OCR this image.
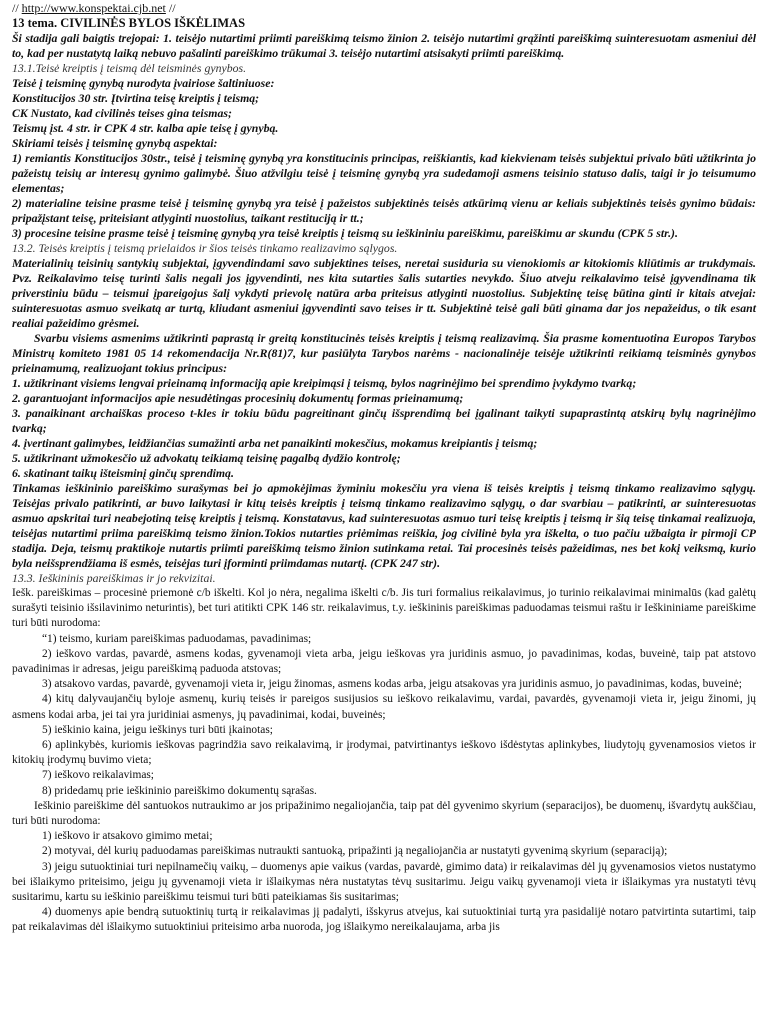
// http://www.konspektai.cjb.net //

13 tema. CIVILINĖS BYLOS IŠKĖLIMAS

Ši stadija gali baigtis trejopai: 1. teisėjo nutartimi priimti pareiškimą teismo žinion 2. teisėjo nutartimi grąžinti pareiškimą suinteresuotam asmeniui dėl to, kad per nustatytą laiką nebuvo pašalinti pareiškimo trūkumai 3. teisėjo nutartimi atsisakyti priimti pareiškimą.

13.1.Teisė kreiptis į teismą dėl teisminės gynybos.

Teisė į teisminę gynybą nurodyta įvairiose šaltiniuose:

Konstitucijos 30 str. Įtvirtina teisę kreiptis į teismą;

CK Nustato, kad civilinės teises gina teismas;

Teismų įst. 4 str. ir CPK 4 str. kalba apie teisę į gynybą.

Skiriami teisės į teisminę gynybą aspektai:

1) remiantis Konstitucijos 30str., teisė į teisminę gynybą yra konstitucinis principas, reiškiantis, kad kiekvienam teisės subjektui privalo būti užtikrinta jo pažeistų teisių ar interesų gynimo galimybė. Šiuo atžvilgiu teisė į teisminę gynybą yra sudedamoji asmens teisinio statuso dalis, taigi ir jo teisumumo elementas;

2) materialine teisine prasme teisė į teisminę gynybą yra teisė į pažeistos subjektinės teisės atkūrimą vienu ar keliais subjektinės teisės gynimo būdais: pripažįstant teisę, priteisiant atlyginti nuostolius, taikant restituciją ir tt.;

3) procesine teisine prasme teisė į teisminę gynybą yra teisė kreiptis į teismą su ieškininiu pareiškimu, pareiškimu ar skundu (CPK 5 str.).

13.2. Teisės kreiptis į teismą prielaidos ir šios teisės tinkamo realizavimo sąlygos.

Materialinių teisinių santykių subjektai, įgyvendindami savo subjektines teises, neretai susiduria su vienokiomis ar kitokiomis kliūtimis ar trukdymais. Pvz. Reikalavimo teisę turinti šalis negali jos įgyvendinti, nes kita sutarties šalis sutarties nevykdo. Šiuo atveju reikalavimo teisė įgyvendinama tik priverstiniu būdu – teismui įpareigojus šalį vykdyti prievolę natūra arba priteisus atlyginti nuostolius. Subjektinę teisę būtina ginti ir kitais atvejai: suinteresuotas asmuo sveikatą ar turtą, kliudant asmeniui įgyvendinti savo teises ir tt. Subjektinė teisė gali būti ginama dar jos nepažeidus, o tik esant realiai pažeidimo grėsmei.

Svarbu visiems asmenims užtikrinti paprastą ir greitą konstitucinės teisės kreiptis į teismą realizavimą. Šia prasme komentuotina Europos Tarybos Ministrų komiteto 1981 05 14 rekomendacija Nr.R(81)7, kur pasiūlyta Tarybos narėms - nacionalinėje teisėje užtikrinti reikiamą teisminės gynybos prieinamumą, realizuojant tokius principus:

1. užtikrinant visiems lengvai prieinamą informaciją apie kreipimąsi į teismą, bylos nagrinėjimo bei sprendimo įvykdymo tvarką;

2. garantuojant informacijos apie nesudėtingas procesinių dokumentų formas prieinamumą;

3. panaikinant archaiškas proceso t-kles ir tokiu būdu pagreitinant ginčų išsprendimą bei įgalinant taikyti supaprastintą atskirų bylų nagrinėjimo tvarką;

4. įvertinant galimybes, leidžiančias sumažinti arba net panaikinti mokesčius, mokamus kreipiantis į teismą;

5. užtikrinant užmokesčio už advokatų teikiamą teisinę pagalbą dydžio kontrolę;

6. skatinant taikų išteisminį ginčų sprendimą.

Tinkamas ieškininio pareiškimo surašymas bei jo apmokėjimas žyminiu mokesčiu yra viena iš teisės kreiptis į teismą tinkamo realizavimo sąlygų. Teisėjas privalo patikrinti, ar buvo laikytasi ir kitų teisės kreiptis į teismą tinkamo realizavimo sąlygų, o dar svarbiau – patikrinti, ar suinteresuotas asmuo apskritai turi neabejotiną teisę kreiptis į teismą. Konstatavus, kad suinteresuotas asmuo turi teisę kreiptis į teismą ir šią teisę tinkamai realizuoja, teisėjas nutartimi priima pareiškimą teismo žinion.Tokios nutarties priėmimas reiškia, jog civilinė byla yra iškelta, o tuo pačiu užbaigta ir pirmoji CP stadija. Deja, teismų praktikoje nutartis priimti pareiškimą teismo žinion sutinkama retai. Tai procesinės teisės pažeidimas, nes bet kokį veiksmą, kurio byla neišsprendžiama iš esmės, teisėjas turi įforminti priimdamas nutartį. (CPK 247 str).

13.3. Ieškininis pareiškimas ir jo rekvizitai.

Iešk. pareiškimas – procesinė priemonė c/b iškelti. Kol jo nėra, negalima iškelti c/b. Jis turi formalius reikalavimus, jo turinio reikalavimai minimalūs (kad galėtų surašyti teisinio išsilavinimo neturintis), bet turi atitikti CPK 146 str. reikalavimus, t.y. ieškininis pareiškimas paduodamas teismui raštu ir Ieškininiame pareiškime turi būti nurodoma:

“1) teismo, kuriam pareiškimas paduodamas, pavadinimas;

2) ieškovo vardas, pavardė, asmens kodas, gyvenamoji vieta arba, jeigu ieškovas yra juridinis asmuo, jo pavadinimas, kodas, buveinė, taip pat atstovo pavadinimas ir adresas, jeigu pareiškimą paduoda atstovas;

3) atsakovo vardas, pavardė, gyvenamoji vieta ir, jeigu žinomas, asmens kodas arba, jeigu atsakovas yra juridinis asmuo, jo pavadinimas, kodas, buveinė;

4) kitų dalyvaujančių byloje asmenų, kurių teisės ir pareigos susijusios su ieškovo reikalavimu, vardai, pavardės, gyvenamoji vieta ir, jeigu žinomi, jų asmens kodai arba, jei tai yra juridiniai asmenys, jų pavadinimai, kodai, buveinės;

5) ieškinio kaina, jeigu ieškinys turi būti įkainotas;

6) aplinkybės, kuriomis ieškovas pagrindžia savo reikalavimą, ir įrodymai, patvirtinantys ieškovo išdėstytas aplinkybes, liudytojų gyvenamosios vietos ir kitokių įrodymų buvimo vieta;

7) ieškovo reikalavimas;

8) pridedamų prie ieškininio pareiškimo dokumentų sąrašas.

Ieškinio pareiškime dėl santuokos nutraukimo ar jos pripažinimo negaliojančia, taip pat dėl gyvenimo skyrium (separacijos), be duomenų, išvardytų aukščiau, turi būti nurodoma:

1) ieškovo ir atsakovo gimimo metai;

2) motyvai, dėl kurių paduodamas pareiškimas nutraukti santuoką, pripažinti ją negaliojančia ar nustatyti gyvenimą skyrium (separaciją);

3) jeigu sutuoktiniai turi nepilnamečių vaikų, – duomenys apie vaikus (vardas, pavardė, gimimo data) ir reikalavimas dėl jų gyvenamosios vietos nustatymo bei išlaikymo priteisimo, jeigu jų gyvenamoji vieta ir išlaikymas nėra nustatytas tėvų susitarimu. Jeigu vaikų gyvenamoji vieta ir išlaikymas yra nustatyti tėvų susitarimu, kartu su ieškinio pareiškimu teismui turi būti pateikiamas šis susitarimas;

4) duomenys apie bendrą sutuoktinių turtą ir reikalavimas jį padalyti, išskyrus atvejus, kai sutuoktiniai turtą yra pasidalijė notaro patvirtinta sutartimi, taip pat reikalavimas dėl išlaikymo sutuoktiniui priteisimo arba nuoroda, jog išlaikymo nereikalaujama, arba jis
